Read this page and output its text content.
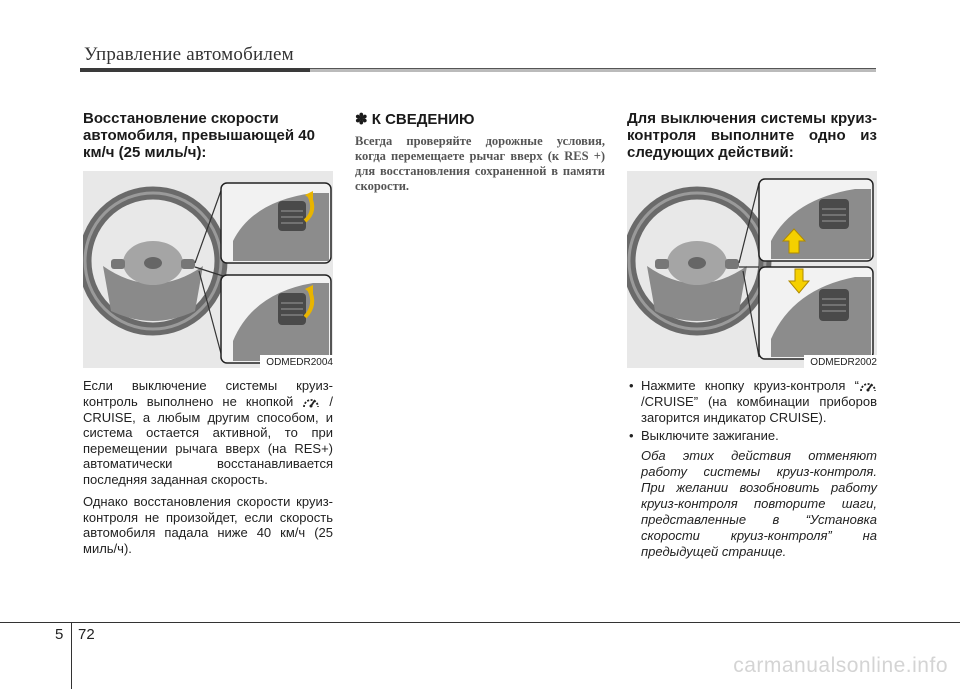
Управление автомобилем
Восстановление скорости автомобиля, превышающей 40 км/ч (25 миль/ч):
ODMEDR2004

Если выключение системы круиз-контроль выполнено не кнопкой	/ CRUISE, а любым другим способом, и система остается активной, то при перемещении рычага вверх (на RES+) автоматически восстанавливается последняя заданная скорость.

Однако восстановления скорости круиз-контроля не произойдет, если скорость автомобиля падала ниже 40 км/ч (25 миль/ч).

✽ К СВЕДЕНИЮ

Всегда проверяйте дорожные условия, когда перемещаете рычаг вверх (к RES +) для восстановления сохраненной в памяти скорости.

Для выключения системы круиз-контроля выполните одно из следующих действий:
ODMEDR2002
• Нажмите кнопку круиз-контроля “/CRUISE” (на комбинации приборов загорится индикатор CRUISE).
• Выключите зажигание.

Оба этих действия отменяют работу системы круиз-контроля. При желании возобновить работу круиз-контроля повторите шаги, представленные в “Установка скорости круиз-контроля” на предыдущей странице.

5 72
carmanualsonline.info
